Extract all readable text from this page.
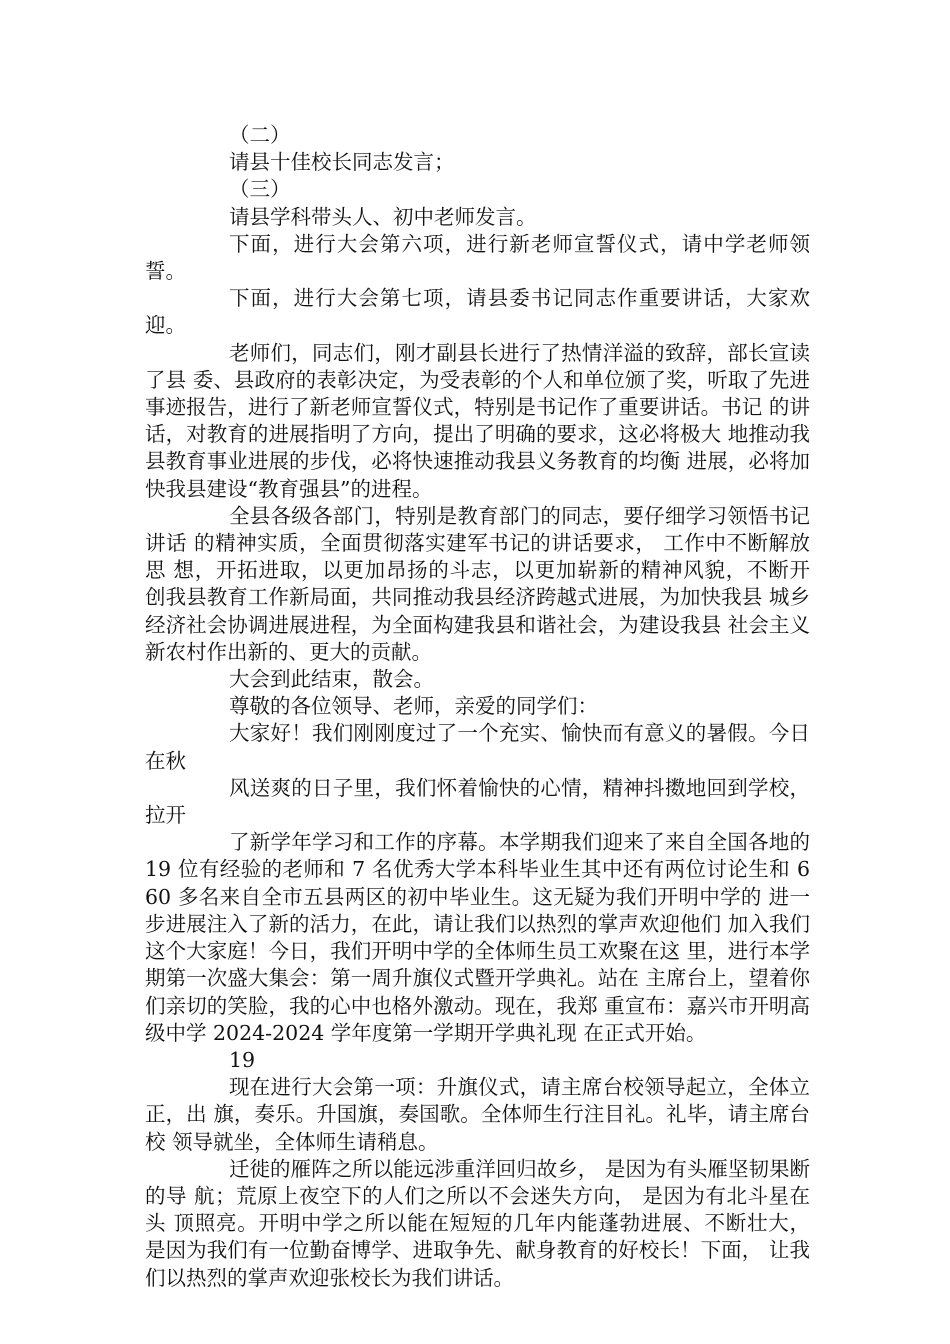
（二）

请县十佳校长同志发言；

（三）

请县学科带头人、初中老师发言。

下面，进行大会第六项，进行新老师宣誓仪式，请中学老师领誓。

下面，进行大会第七项，请县委书记同志作重要讲话，大家欢迎。

老师们，同志们，刚才副县长进行了热情洋溢的致辞，部长宣读了县 委、县政府的表彰决定，为受表彰的个人和单位颁了奖，听取了先进 事迹报告，进行了新老师宣誓仪式，特别是书记作了重要讲话。书记 的讲话，对教育的进展指明了方向，提出了明确的要求，这必将极大 地推动我县教育事业进展的步伐，必将快速推动我县义务教育的均衡 进展，必将加快我县建设“教育强县”的进程。

全县各级各部门，特别是教育部门的同志，要仔细学习领悟书记讲话 的精神实质，全面贯彻落实建军书记的讲话要求， 工作中不断解放思 想，开拓进取，以更加昂扬的斗志，以更加崭新的精神风貌，不断开 创我县教育工作新局面，共同推动我县经济跨越式进展，为加快我县 城乡经济社会协调进展进程，为全面构建我县和谐社会，为建设我县 社会主义新农村作出新的、更大的贡献。

大会到此结束，散会。

尊敬的各位领导、老师，亲爱的同学们：

大家好！我们刚刚度过了一个充实、愉快而有意义的暑假。今日在秋

风送爽的日子里，我们怀着愉快的心情，精神抖擞地回到学校，拉开

了新学年学习和工作的序幕。本学期我们迎来了来自全国各地的 19 位有经验的老师和 7 名优秀大学本科毕业生其中还有两位讨论生和 660 多名来自全市五县两区的初中毕业生。这无疑为我们开明中学的 进一步进展注入了新的活力，在此，请让我们以热烈的掌声欢迎他们 加入我们这个大家庭！今日，我们开明中学的全体师生员工欢聚在这 里，进行本学期第一次盛大集会：第一周升旗仪式暨开学典礼。站在 主席台上，望着你们亲切的笑脸，我的心中也格外激动。现在，我郑 重宣布：嘉兴市开明高级中学 2024-2024 学年度第一学期开学典礼现 在正式开始。

19

现在进行大会第一项：升旗仪式，请主席台校领导起立，全体立正，出 旗，奏乐。升国旗，奏国歌。全体师生行注目礼。礼毕，请主席台校 领导就坐，全体师生请稍息。

迁徙的雁阵之所以能远涉重洋回归故乡， 是因为有头雁坚韧果断的导 航；荒原上夜空下的人们之所以不会迷失方向， 是因为有北斗星在头 顶照亮。开明中学之所以能在短短的几年内能蓬勃进展、不断壮大， 是因为我们有一位勤奋博学、进取争先、献身教育的好校长！下面， 让我们以热烈的掌声欢迎张校长为我们讲话。
